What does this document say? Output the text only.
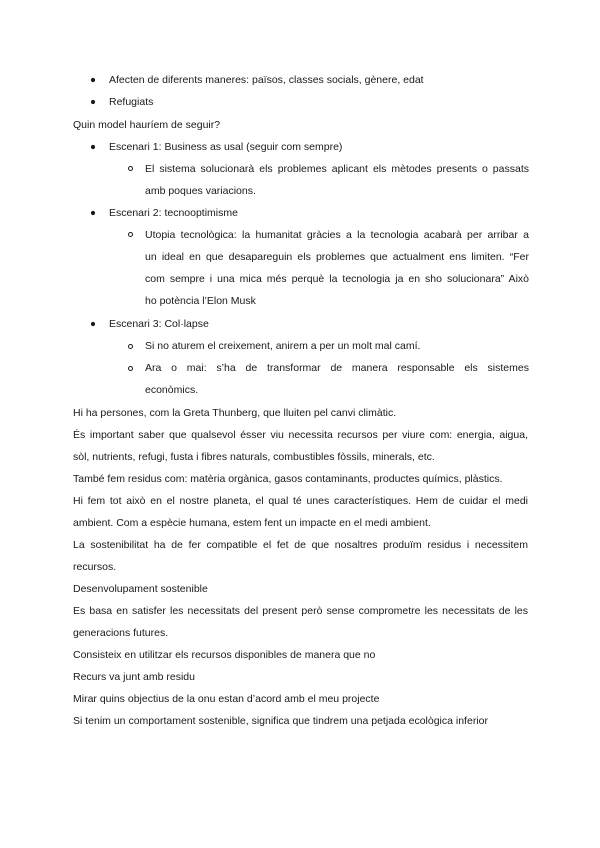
Afecten de diferents maneres: països, classes socials, gènere, edat
Refugiats
Quin model hauríem de seguir?
Escenari 1: Business as usal (seguir com sempre)
El sistema solucionarà els problemes aplicant els mètodes presents o passats
amb poques variacions.
Escenari 2: tecnooptimisme
Utopia tecnològica: la humanitat gràcies a la tecnologia acabarà per arribar a
un ideal en que desapareguin els problemes que actualment ens limiten. “Fer
com sempre i una mica més perquè la tecnologia ja en sho solucionara” Això
ho potència l’Elon Musk
Escenari 3: Col·lapse
Si no aturem el creixement, anirem a per un molt mal camí.
Ara o mai: s’ha de transformar de manera responsable els sistemes
econòmics.
Hi ha persones, com la Greta Thunberg, que lluiten pel canvi climàtic.
És important saber que qualsevol ésser viu necessita recursos per viure com: energia, aigua,
sòl, nutrients, refugi, fusta i fibres naturals, combustibles fòssils, minerals, etc.
També fem residus com: matèria orgànica, gasos contaminants, productes químics, plàstics.
Hi fem tot això en el nostre planeta, el qual té unes característiques. Hem de cuidar el medi
ambient. Com a espècie humana, estem fent un impacte en el medi ambient.
La sostenibilitat ha de fer compatible el fet de que nosaltres produïm residus i necessitem
recursos.
Desenvolupament sostenible
Es basa en satisfer les necessitats del present però sense comprometre les necessitats de les
generacions futures.
Consisteix en utilitzar els recursos disponibles de manera que no
Recurs va junt amb residu
Mirar quins objectius de la onu estan d’acord amb el meu projecte
Si tenim un comportament sostenible, significa que tindrem una petjada ecològica inferior
